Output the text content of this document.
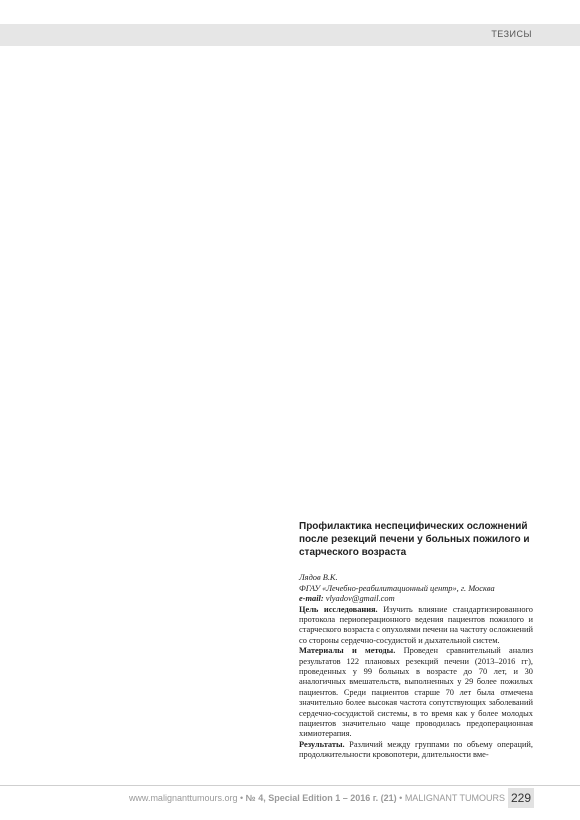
ТЕЗИСЫ
Профилактика неспецифических осложнений после резекций печени у больных пожилого и старческого возраста
Лядов В.К.
ФГАУ «Лечебно-реабилитационный центр», г. Москва
e-mail: vlyadov@gmail.com

Цель исследования. Изучить влияние стандартизированного протокола периоперационного ведения пациентов пожилого и старческого возраста с опухолями печени на частоту осложнений со стороны сердечно-сосудистой и дыхательной систем.

Материалы и методы. Проведен сравнительный анализ результатов 122 плановых резекций печени (2013–2016 гг), проведенных у 99 больных в возрасте до 70 лет, и 30 аналогичных вмешательств, выполненных у 29 более пожилых пациентов. Среди пациентов старше 70 лет была отмечена значительно более высокая частота сопутствующих заболеваний сердечно-сосудистой системы, в то время как у более молодых пациентов значительно чаще проводилась предоперационная химиотерапия.

Результаты. Различий между группами по объему операций, продолжительности кровопотери, длительности вме-

www.malignanttumours.org • № 4, Special Edition 1 – 2016 г. (21) • MALIGNANT TUMOURS 229
